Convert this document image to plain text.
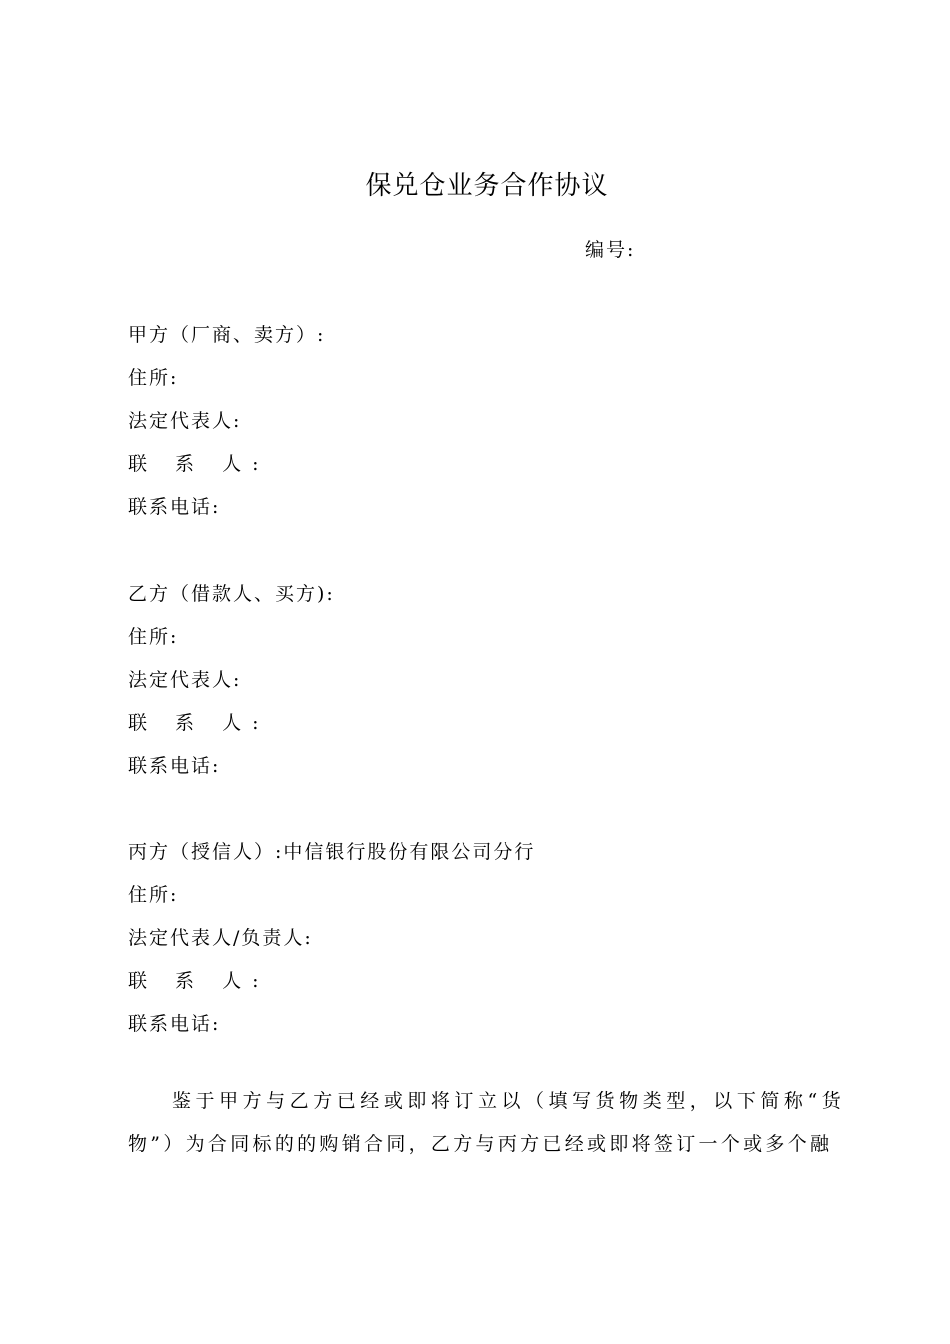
保兑仓业务合作协议
编号:
甲方（厂商、卖方）:
住所:
法定代表人:
联 系 人:
联系电话:
乙方（借款人、买方):
住所:
法定代表人:
联 系 人:
联系电话:
丙方（授信人）:中信银行股份有限公司分行
住所:
法定代表人/负责人:
联 系 人:
联系电话:
鉴于甲方与乙方已经或即将订立以（填写货物类型，以下简称“货物”）为合同标的的购销合同，乙方与丙方已经或即将签订一个或多个融
